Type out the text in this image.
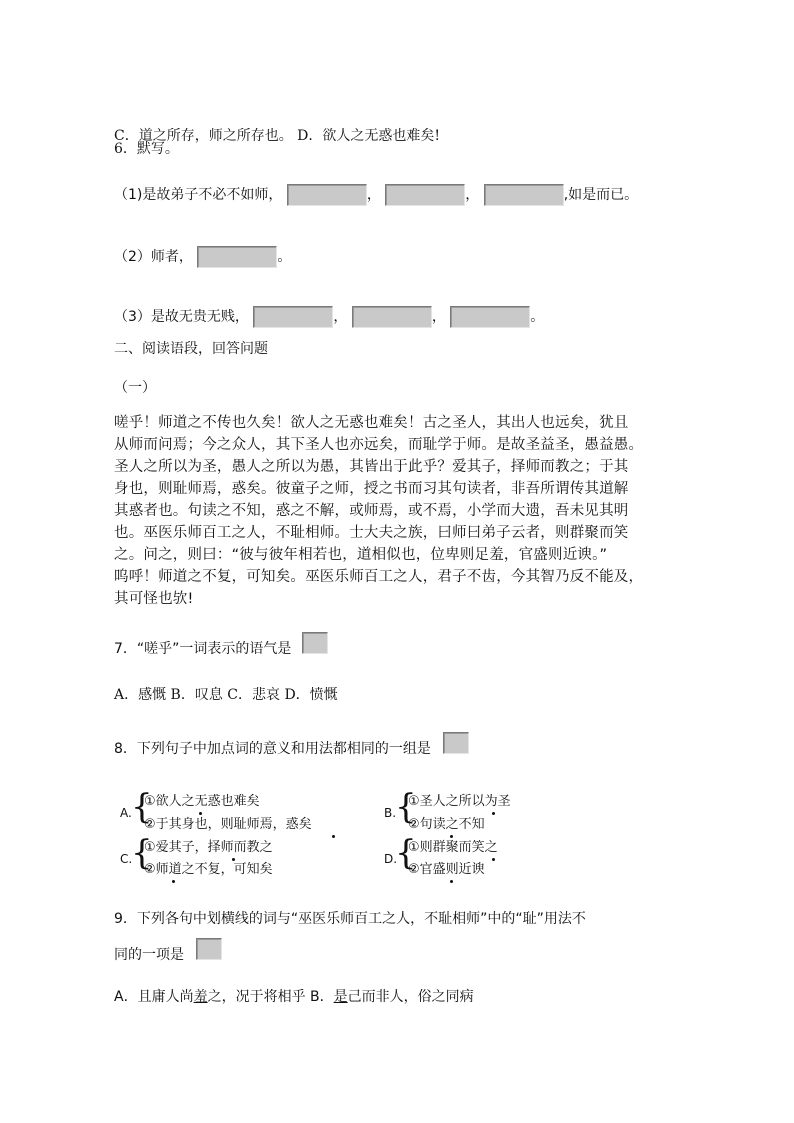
C．道之所存，师之所存也。 D．欲人之无惑也难矣!
6．默写。
（1)是故弟子不必不如师，	，	，	,如是而已。
（2）师者，	。
（3）是故无贵无贱，	，	，	。
二、阅读语段，回答问题
（一）
嗟乎！师道之不传也久矣！欲人之无惑也难矣！古之圣人，其出人也远矣，犹且
从师而问焉；今之众人，其下圣人也亦远矣，而耻学于师。是故圣益圣，愚益愚。
圣人之所以为圣，愚人之所以为愚，其皆出于此乎？爱其子，择师而教之；于其
身也，则耻师焉，惑矣。彼童子之师，授之书而习其句读者，非吾所谓传其道解
其惑者也。句读之不知，惑之不解，或师焉，或不焉，小学而大遗，吾未见其明
也。巫医乐师百工之人，不耻相师。士大夫之族，曰师曰弟子云者，则群聚而笑
之。问之，则曰：“彼与彼年相若也，道相似也，位卑则足羞，官盛则近谀。”
呜呼！师道之不复，可知矣。巫医乐师百工之人，君子不齿，今其智乃反不能及，
其可怪也欤!
7．“嗟乎”一词表示的语气是
A．感慨 B．叹息 C．悲哀 D．愤慨
8．下列句子中加点词的意义和用法都相同的一组是
A. {
①欲人之无惑也难矣
②于其身也，则耻师焉，惑矣
B.
{
①圣人之所以为圣
②句读之不知
C.
{
①爱其子，择师而教之
②师道之不复，可知矣
D.
{
①则群聚而笑之
②官盛则近谀
9．下列各句中划横线的词与“巫医乐师百工之人，不耻相师”中的“耻”用法不
同的一项是
A．且庸人尚羞之，况于将相乎 B．是己而非人，俗之同病
